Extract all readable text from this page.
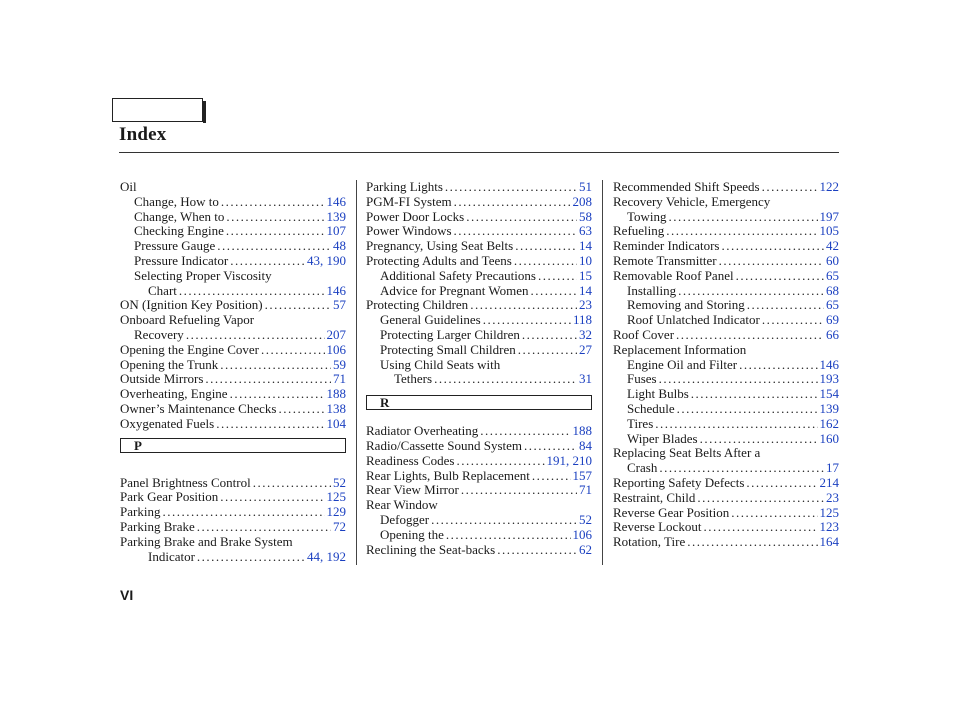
Index
Oil
Change, How to .....	146
Change, When to .....	139
Checking Engine .....	107
Pressure Gauge .....	48
Pressure Indicator .....	43, 190
Selecting Proper Viscosity
Chart .....	146
ON (Ignition Key Position) .....	57
Onboard Refueling Vapor
Recovery .....	207
Opening the Engine Cover .....	106
Opening the Trunk .....	59
Outside Mirrors .....	71
Overheating, Engine .....	188
Owner’s Maintenance Checks .....	138
Oxygenated Fuels .....	104
P
Panel Brightness Control .....	52
Park Gear Position .....	125
Parking .....	129
Parking Brake .....	72
Parking Brake and Brake System
Indicator .....	44, 192
Parking Lights .....	51
PGM-FI System .....	208
Power Door Locks .....	58
Power Windows .....	63
Pregnancy, Using Seat Belts .....	14
Protecting Adults and Teens .....	10
Additional Safety Precautions .....	15
Advice for Pregnant Women .....	14
Protecting Children .....	23
General Guidelines .....	118
Protecting Larger Children .....	32
Protecting Small Children .....	27
Using Child Seats with
Tethers .....	31
R
Radiator Overheating .....	188
Radio/Cassette Sound System .....	84
Readiness Codes .....	191, 210
Rear Lights, Bulb Replacement .....	157
Rear View Mirror .....	71
Rear Window
Defogger .....	52
Opening the .....	106
Reclining the Seat-backs .....	62
Recommended Shift Speeds .....	122
Recovery Vehicle, Emergency
Towing .....	197
Refueling .....	105
Reminder Indicators .....	42
Remote Transmitter .....	60
Removable Roof Panel .....	65
Installing .....	68
Removing and Storing .....	65
Roof Unlatched Indicator .....	69
Roof Cover .....	66
Replacement Information
Engine Oil and Filter .....	146
Fuses .....	193
Light Bulbs .....	154
Schedule .....	139
Tires .....	162
Wiper Blades .....	160
Replacing Seat Belts After a
Crash .....	17
Reporting Safety Defects .....	214
Restraint, Child .....	23
Reverse Gear Position .....	125
Reverse Lockout .....	123
Rotation, Tire .....	164
VI
